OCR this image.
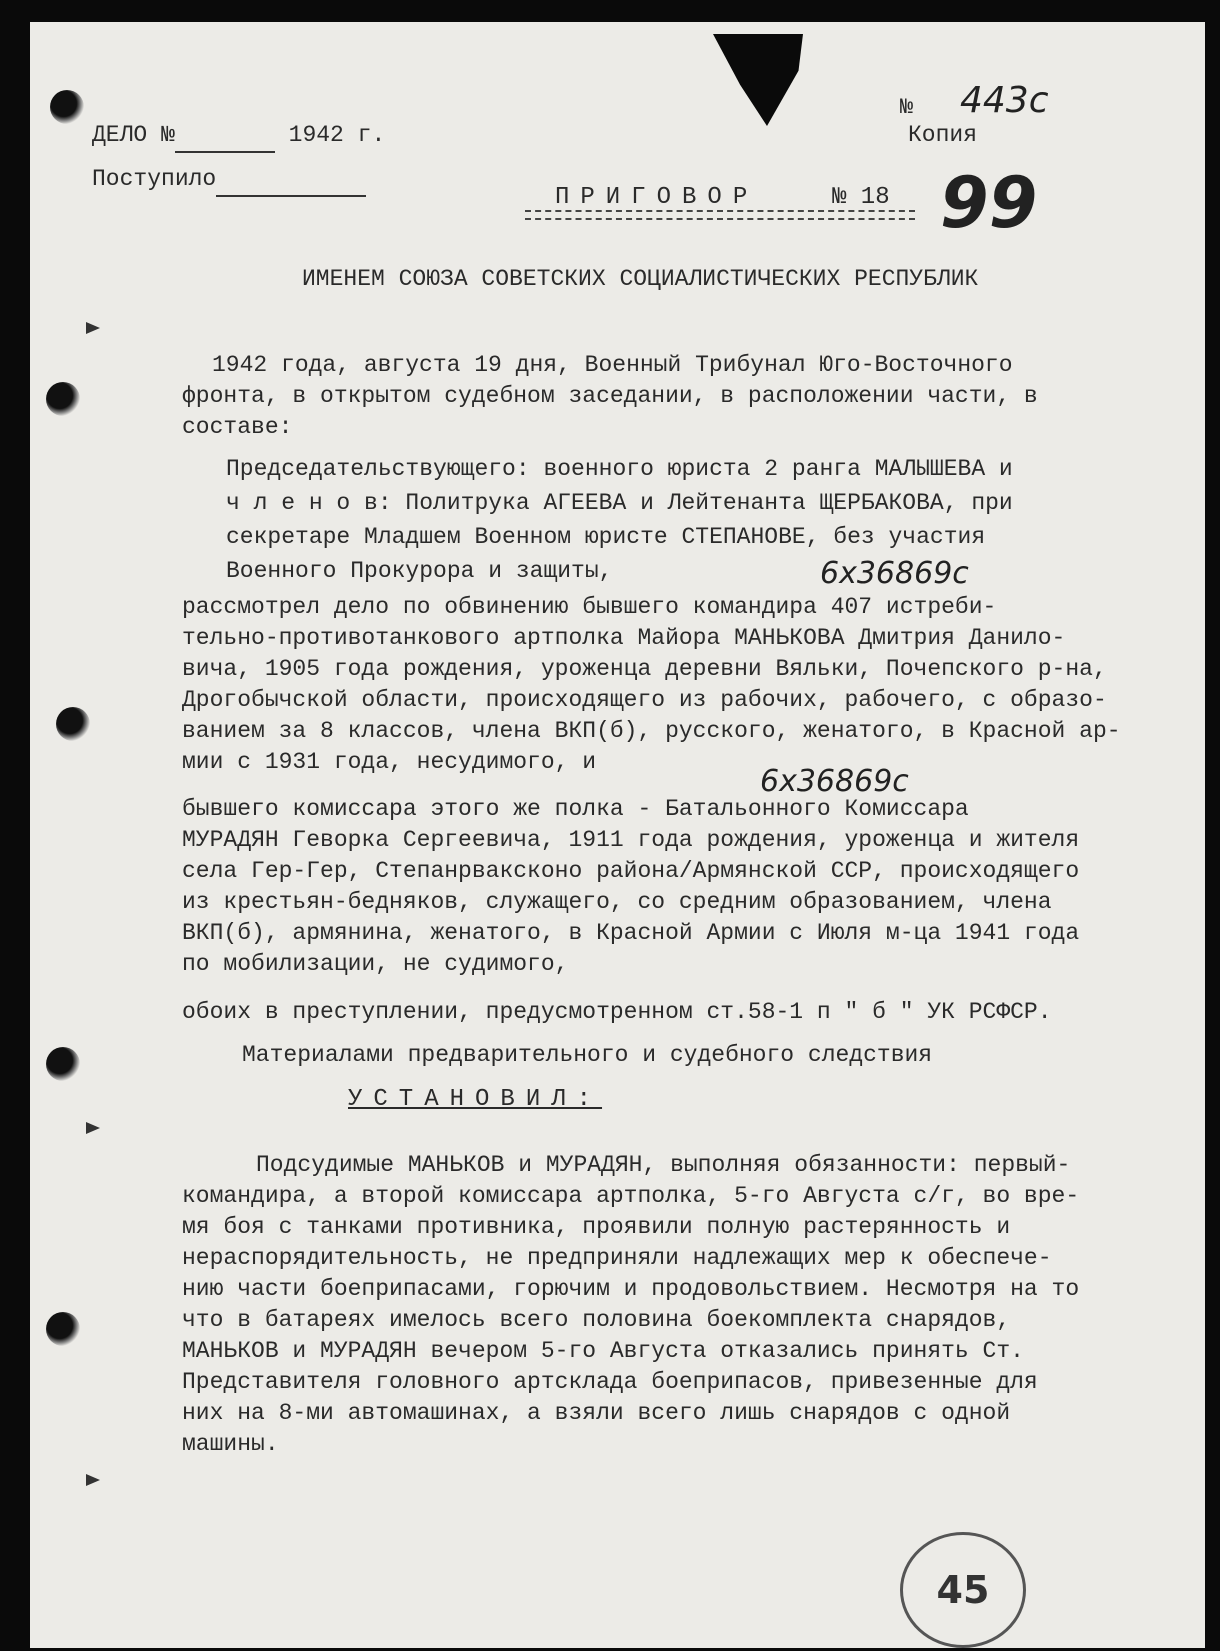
№ 443с
ДЕЛО №	1942 г.	Копия
Поступило
ПРИГОВОР	№ 18 99
ИМЕНЕМ СОЮЗА СОВЕТСКИХ СОЦИАЛИСТИЧЕСКИХ РЕСПУБЛИК
1942 года, августа 19 дня, Военный Трибунал Юго-Восточного
фронта, в открытом судебном заседании, в расположении части, в
составе:
Председательствующего: военного юриста 2 ранга МАЛЫШЕВА и
ч л е н о в: Политрука АГЕЕВА и Лейтенанта ЩЕРБАКОВА, при
секретаре Младшем Военном юристе СТЕПАНОВЕ, без участия
Военного Прокурора и защиты,	6х36869с
рассмотрел дело по обвинению бывшего командира 407 истреби-
тельно-противотанкового артполка Майора МАНЬКОВА Дмитрия Данило-
вича, 1905 года рождения, уроженца деревни Вяльки, Почепского р-на,
Дрогобычской области, происходящего из рабочих, рабочего, с образо-
ванием за 8 классов, члена ВКП(б), русского, женатого, в Красной ар-
мии с 1931 года, несудимого, и
6х36869с
бывшего комиссара этого же полка - Батальонного Комиссара
МУРАДЯН Геворка Сергеевича, 1911 года рождения, уроженца и жителя
села Гер-Гер, Степанрваксконо района/Армянской ССР, происходящего
из крестьян-бедняков, служащего, со средним образованием, члена
ВКП(б), армянина, женатого, в Красной Армии с Июля м-ца 1941 года
по мобилизации, не судимого,
обоих в преступлении, предусмотренном ст.58-1 п " б " УК РСФСР.
Материалами предварительного и судебного следствия
УСТАНОВИЛ:
Подсудимые МАНЬКОВ и МУРАДЯН, выполняя обязанности: первый-
командира, а второй комиссара артполка, 5-го Августа с/г, во вре-
мя боя с танками противника, проявили полную растерянность и
нераспорядительность, не предприняли надлежащих мер к обеспече-
нию части боеприпасами, горючим и продовольствием. Несмотря на то
что в батареях имелось всего половина боекомплекта снарядов,
МАНЬКОВ и МУРАДЯН вечером 5-го Августа отказались принять Ст.
Представителя головного артсклада боеприпасов, привезенные для
них на 8-ми автомашинах, а взяли всего лишь снарядов с одной
машины.
45
